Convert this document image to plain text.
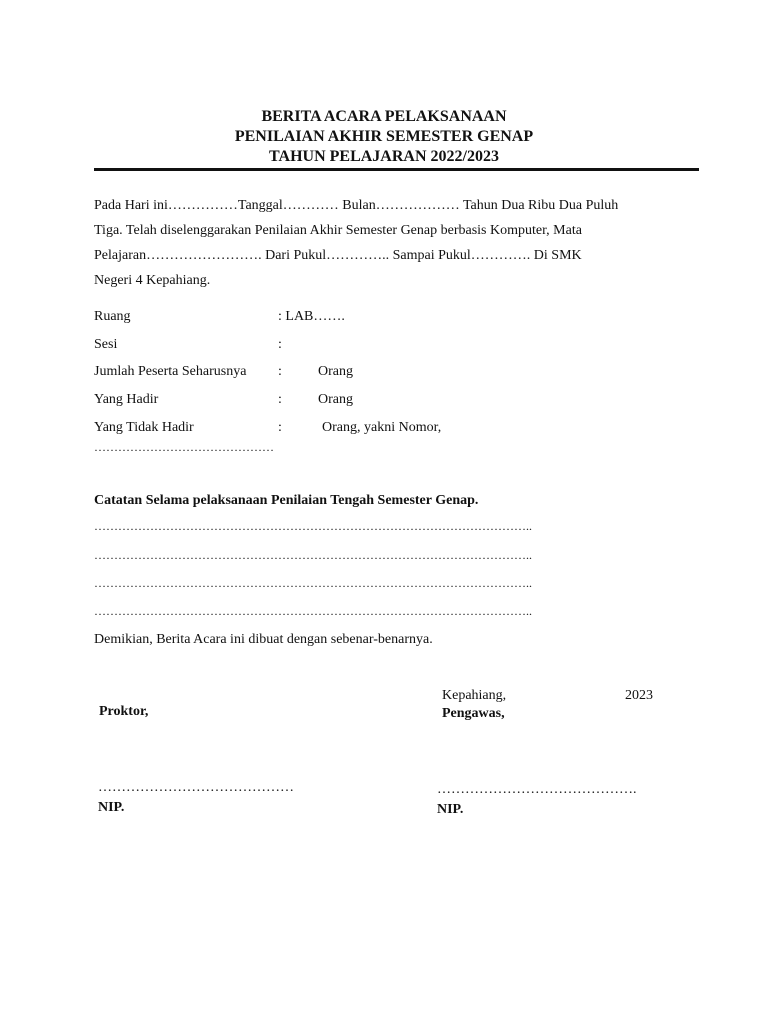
BERITA ACARA PELAKSANAAN
PENILAIAN AKHIR SEMESTER GENAP
TAHUN PELAJARAN 2022/2023
Pada Hari ini……………Tanggal………… Bulan……………… Tahun Dua Ribu Dua Puluh
Tiga. Telah diselenggarakan Penilaian Akhir Semester Genap berbasis Komputer, Mata
Pelajaran……………………. Dari Pukul………….. Sampai Pukul…………. Di SMK
Negeri 4 Kepahiang.
Ruang	: LAB…….
Sesi	:
Jumlah Peserta Seharusnya :	Orang
Yang Hadir	:	Orang
Yang Tidak Hadir	:	Orang, yakni Nomor,
………………………………………
Catatan Selama pelaksanaan Penilaian Tengah Semester Genap.
………………………………………………………………………………………………..
………………………………………………………………………………………………..
………………………………………………………………………………………………..
………………………………………………………………………………………………..
Demikian, Berita Acara ini dibuat dengan sebenar-benarnya.
Kepahiang,	2023
Proktor,	Pengawas,
……………………………………	…………………………………….
NIP.	NIP.
